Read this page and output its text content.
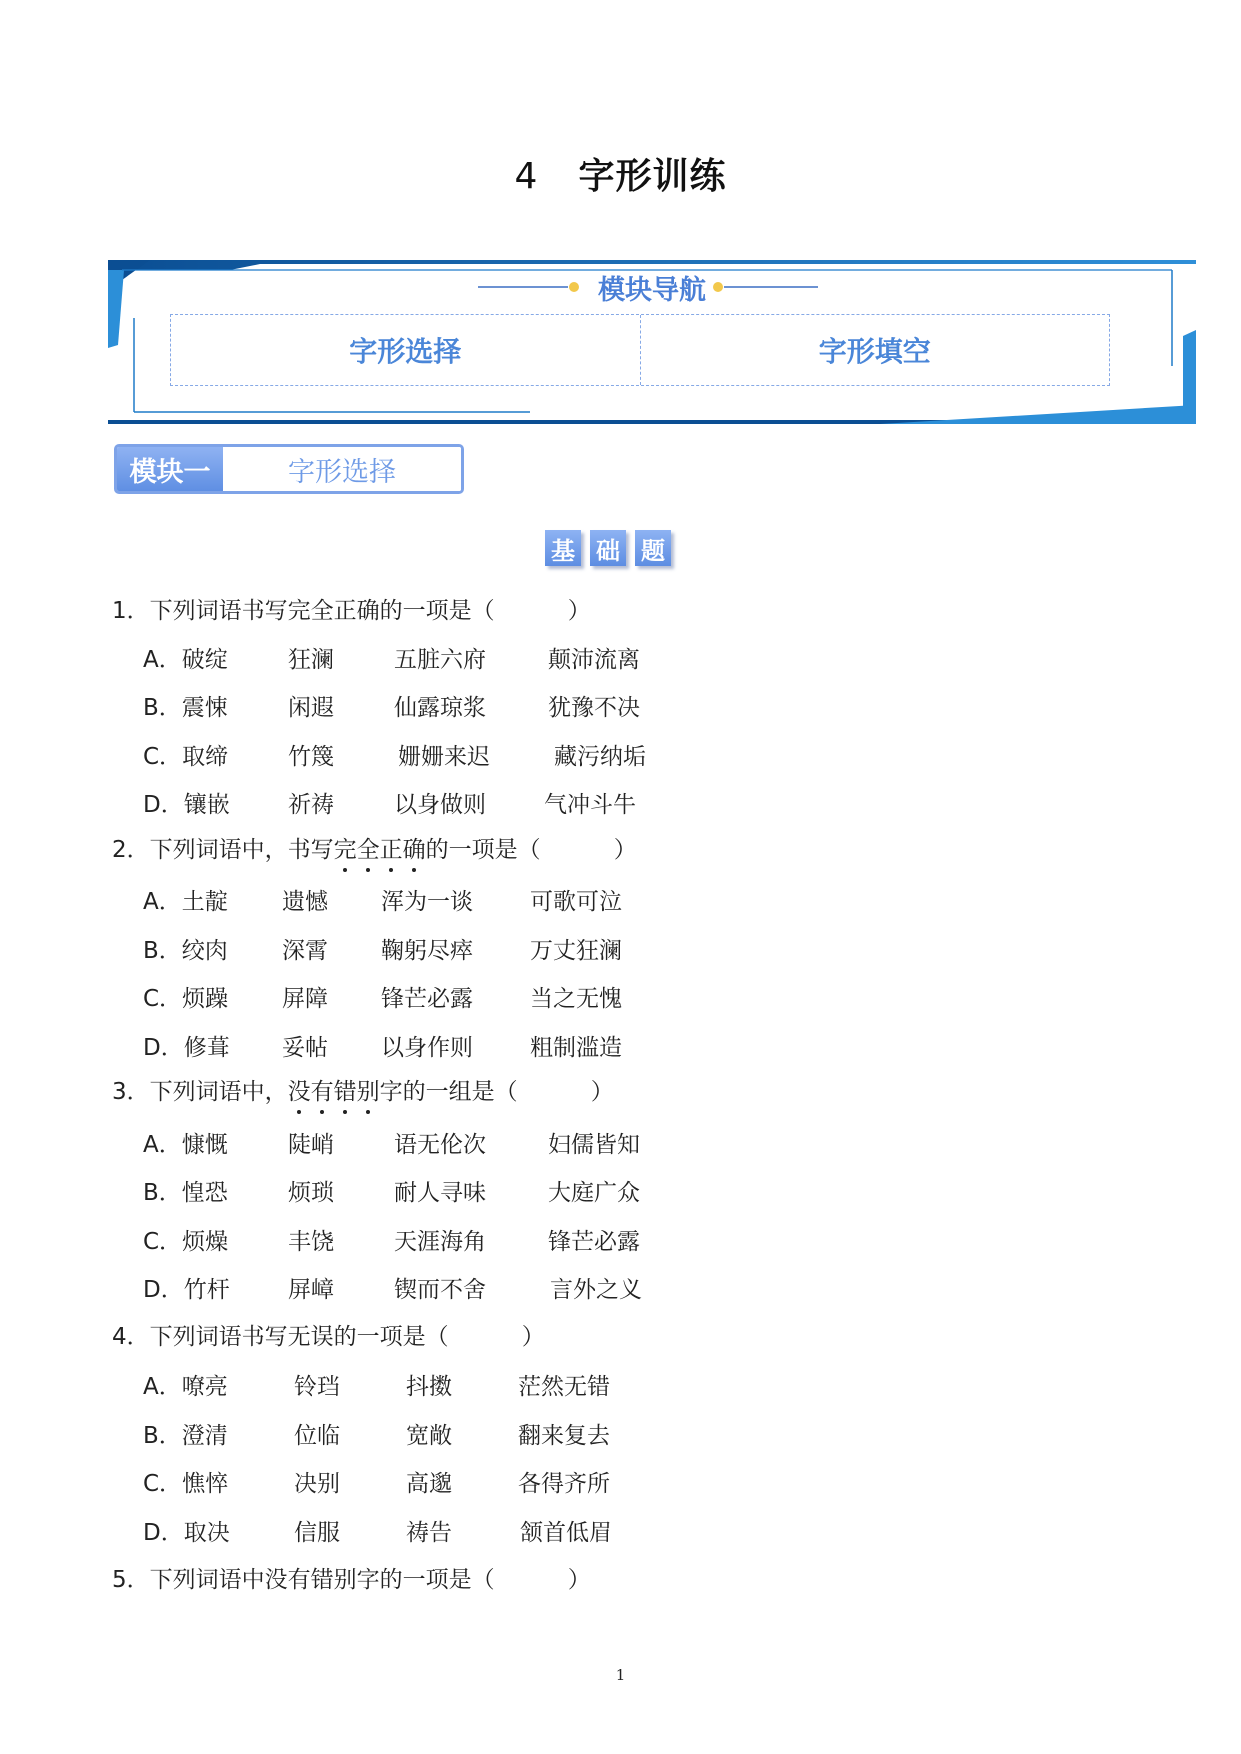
4 字形训练
模块导航
字形选择	字形填空
模块一	字形选择
基 础 题
1．下列词语书写完全正确的一项是（          ）
A．破绽	狂澜	五脏六府	颠沛流离
B．震悚	闲遐	仙露琼浆	犹豫不决
C．取缔	竹篾	姗姗来迟	藏污纳垢
D．镶嵌	祈祷	以身做则	气冲斗牛
2．下列词语中，书写完全正确的一项是（          ）
A．土靛 遗憾 浑为一谈 可歌可泣
B．绞肉 深霄 鞠躬尽瘁 万丈狂澜
C．烦躁 屏障 锋芒必露 当之无愧
D．修葺 妥帖 以身作则 粗制滥造
3．下列词语中，没有错别字的一组是（          ）
A．慷慨	陡峭	语无伦次	妇儒皆知
B．惶恐	烦琐	耐人寻味	大庭广众
C．烦燥	丰饶	天涯海角	锋芒必露
D．竹杆	屏嶂	锲而不舍	言外之义
4．下列词语书写无误的一项是（          ）
A．嘹亮	铃珰	抖擞	茫然无错
B．澄清	位临	宽敞	翻来复去
C．憔悴	决别	高邈	各得齐所
D．取决	信服	祷告	颔首低眉
5．下列词语中没有错别字的一项是（          ）
1
